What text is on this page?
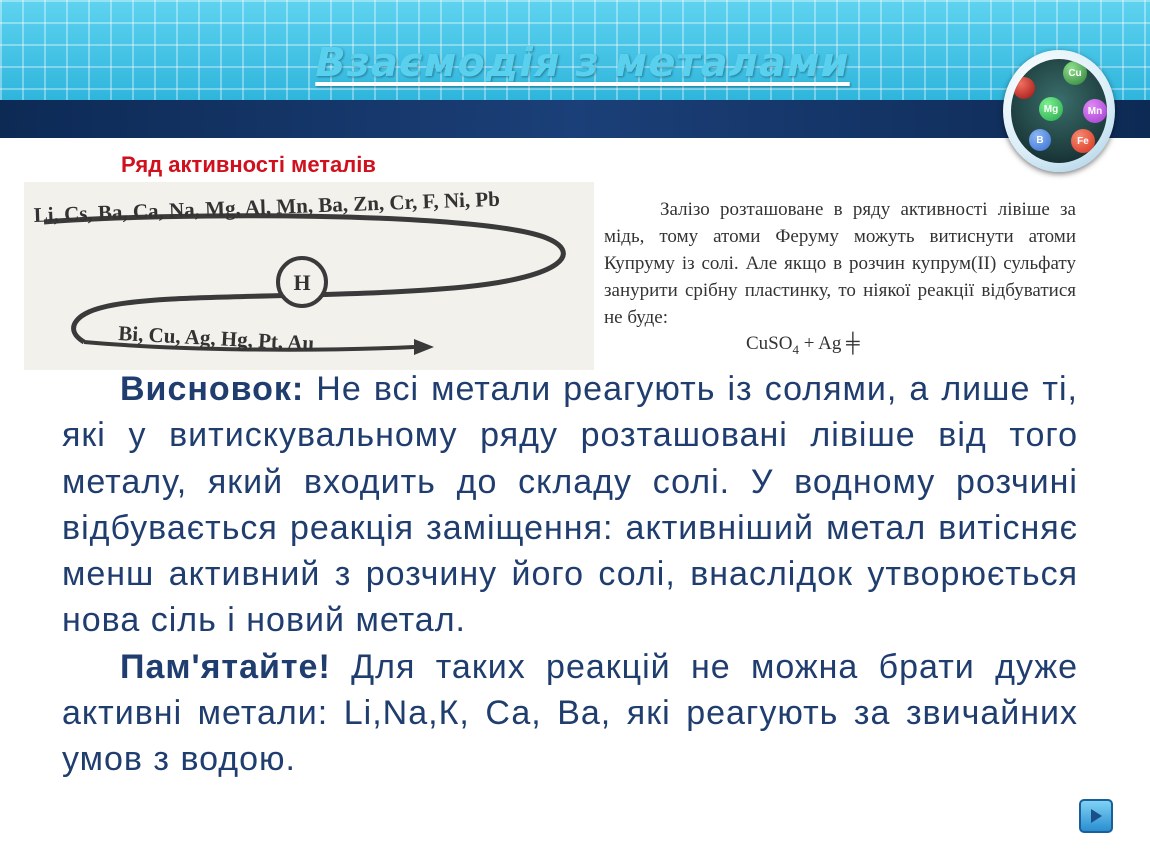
Взаємодія з металами	Cu
Mg	Mn
B	Fe
Ряд активності металів
H
Li, Cs, Ba, Ca, Na, Mg, Al, Mn, Ba, Zn, Cr, F, Ni, Pb
Bi, Cu, Ag, Hg, Pt, Au
Залізо розташоване в ряду активності лівіше за мідь, тому атоми Феруму можуть витиснути атоми Купруму із солі. Але якщо в розчин купрум(II) сульфату занурити срібну пластинку, то ніякої реакції відбуватися не буде:
CuSO$_4$ + Ag ╪

Висновок: Не всі метали реагують із солями, а лише ті, які у витискувальному ряду розташовані лівіше від того металу, який входить до складу солі. У водному розчині відбувається реакція заміщення: активніший метал витісняє менш активний з розчину його солі, внаслідок утворюється нова сіль і новий метал.

Пам'ятайте! Для таких реакцій не можна брати дуже активні метали: Li,Na,К, Са, Ва, які реагують за звичайних умов з водою.
